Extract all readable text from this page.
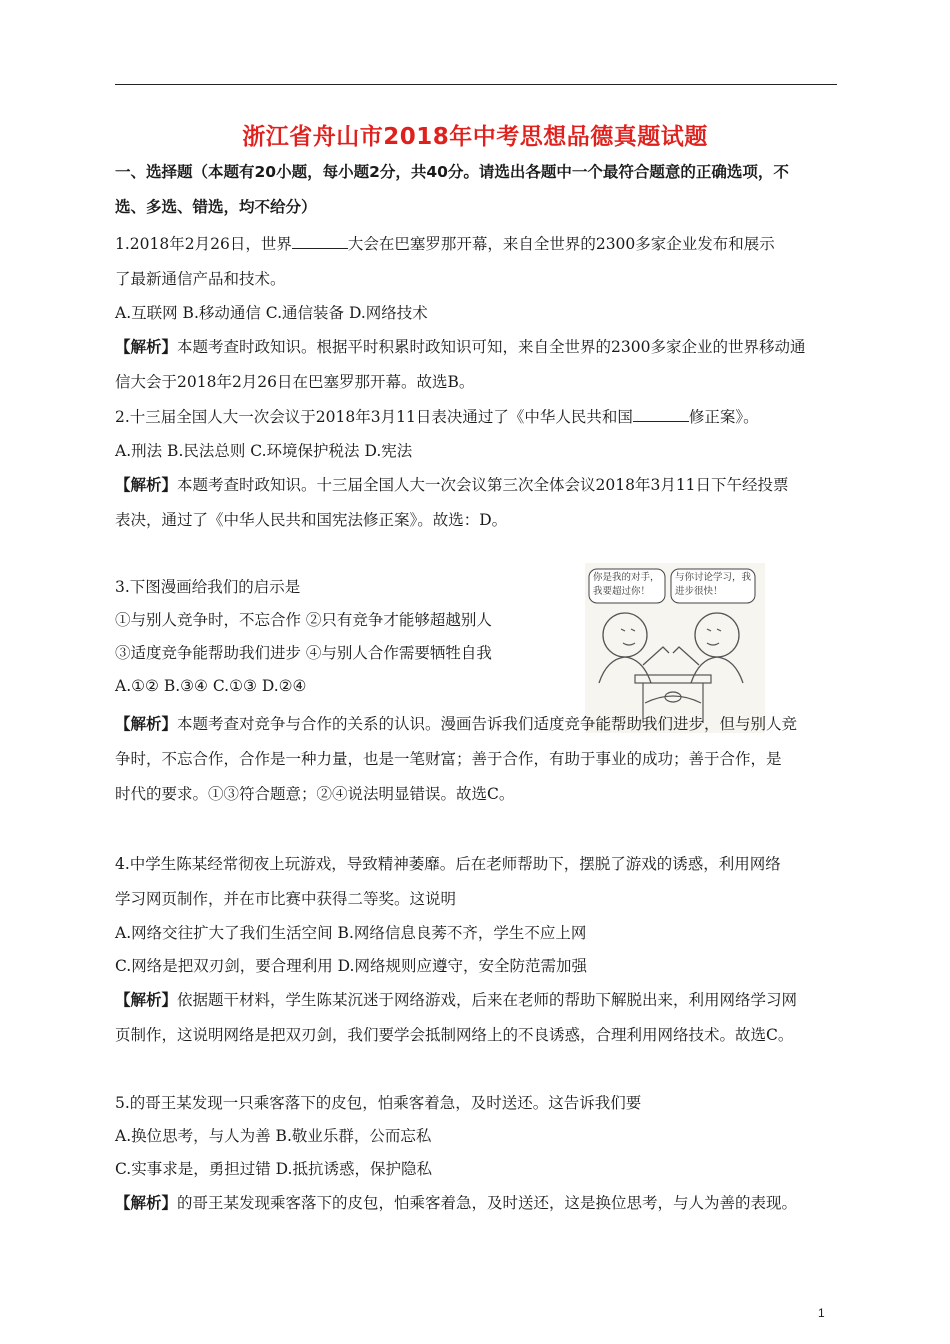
浙江省舟山市2018年中考思想品德真题试题
一、选择题（本题有20小题，每小题2分，共40分。请选出各题中一个最符合题意的正确选项，不
选、多选、错选，均不给分）
1.2018年2月26日，世界	大会在巴塞罗那开幕，来自全世界的2300多家企业发布和展示
了最新通信产品和技术。
A.互联网 B.移动通信 C.通信装备 D.网络技术
【解析】本题考查时政知识。根据平时积累时政知识可知，来自全世界的2300多家企业的世界移动通
信大会于2018年2月26日在巴塞罗那开幕。故选B。
2.十三届全国人大一次会议于2018年3月11日表决通过了《中华人民共和国	修正案》。
A.刑法 B.民法总则 C.环境保护税法 D.宪法
【解析】本题考查时政知识。十三届全国人大一次会议第三次全体会议2018年3月11日下午经投票
表决，通过了《中华人民共和国宪法修正案》。故选：D。
3.下图漫画给我们的启示是
①与别人竞争时，不忘合作 ②只有竞争才能够超越别人
③适度竞争能帮助我们进步 ④与别人合作需要牺牲自我
A.①② B.③④ C.①③ D.②④
你是我的对手，我要超过你！
与你讨论学习，我进步很快！
【解析】本题考查对竞争与合作的关系的认识。漫画告诉我们适度竞争能帮助我们进步，但与别人竞
争时，不忘合作，合作是一种力量，也是一笔财富；善于合作，有助于事业的成功；善于合作，是
时代的要求。①③符合题意；②④说法明显错误。故选C。
4.中学生陈某经常彻夜上玩游戏，导致精神萎靡。后在老师帮助下，摆脱了游戏的诱惑，利用网络
学习网页制作，并在市比赛中获得二等奖。这说明
A.网络交往扩大了我们生活空间 B.网络信息良莠不齐，学生不应上网
C.网络是把双刃剑，要合理利用 D.网络规则应遵守，安全防范需加强
【解析】依据题干材料，学生陈某沉迷于网络游戏，后来在老师的帮助下解脱出来，利用网络学习网
页制作，这说明网络是把双刃剑，我们要学会抵制网络上的不良诱惑，合理利用网络技术。故选C。
5.的哥王某发现一只乘客落下的皮包，怕乘客着急，及时送还。这告诉我们要
A.换位思考，与人为善 B.敬业乐群，公而忘私
C.实事求是，勇担过错 D.抵抗诱惑，保护隐私
【解析】的哥王某发现乘客落下的皮包，怕乘客着急，及时送还，这是换位思考，与人为善的表现。
1
